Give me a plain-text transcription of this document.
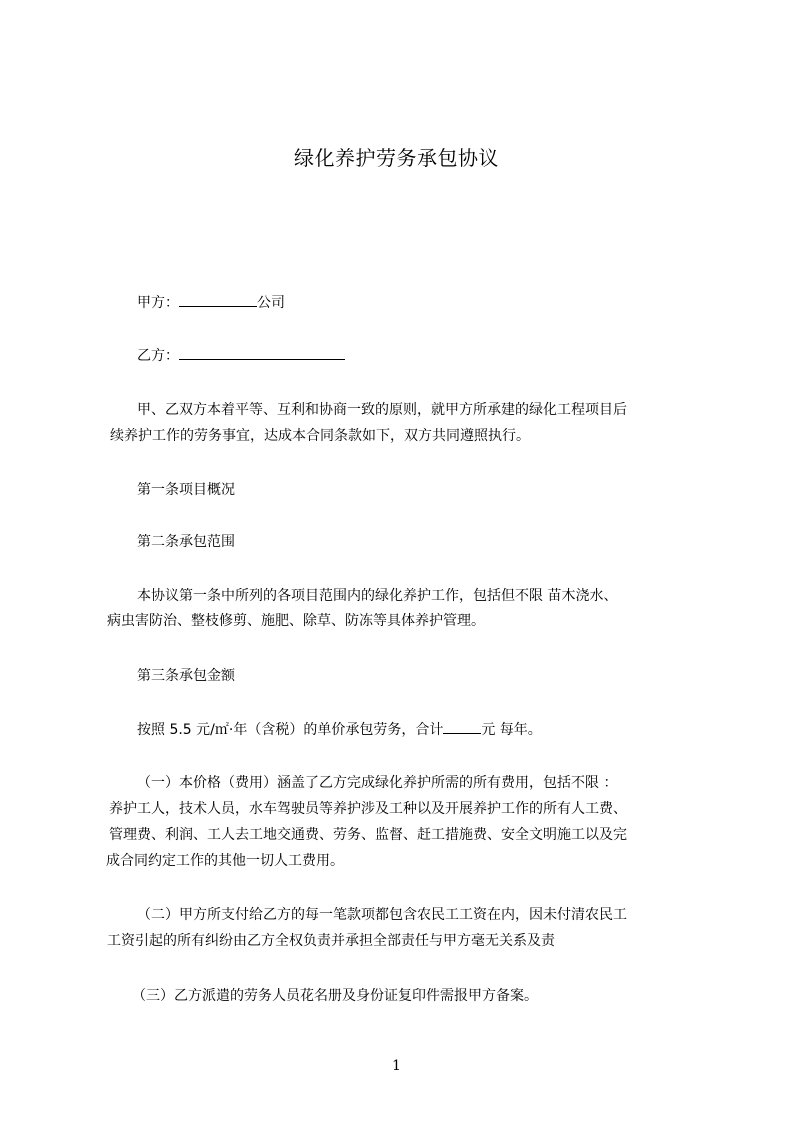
绿化养护劳务承包协议
甲方：	公司
乙方：
甲、乙双方本着平等、互利和协商一致的原则，就甲方所承建的绿化工程项目后
续养护工作的劳务事宜，达成本合同条款如下，双方共同遵照执行。
第一条项目概况
第二条承包范围
本协议第一条中所列的各项目范围内的绿化养护工作，包括但不限 苗木浇水、
病虫害防治、整枝修剪、施肥、除草、防冻等具体养护管理。
第三条承包金额
按照 5.5 元/㎡·年（含税）的单价承包劳务，合计	元 每年。
（一）本价格（费用）涵盖了乙方完成绿化养护所需的所有费用，包括不限 ：
养护工人，技术人员，水车驾驶员等养护涉及工种以及开展养护工作的所有人工费、
管理费、利润、工人去工地交通费、劳务、监督、赶工措施费、安全文明施工以及完
成合同约定工作的其他一切人工费用。
（二）甲方所支付给乙方的每一笔款项都包含农民工工资在内，因未付清农民工
工资引起的所有纠纷由乙方全权负责并承担全部责任与甲方毫无关系及责
（三）乙方派遣的劳务人员花名册及身份证复印件需报甲方备案。
1
